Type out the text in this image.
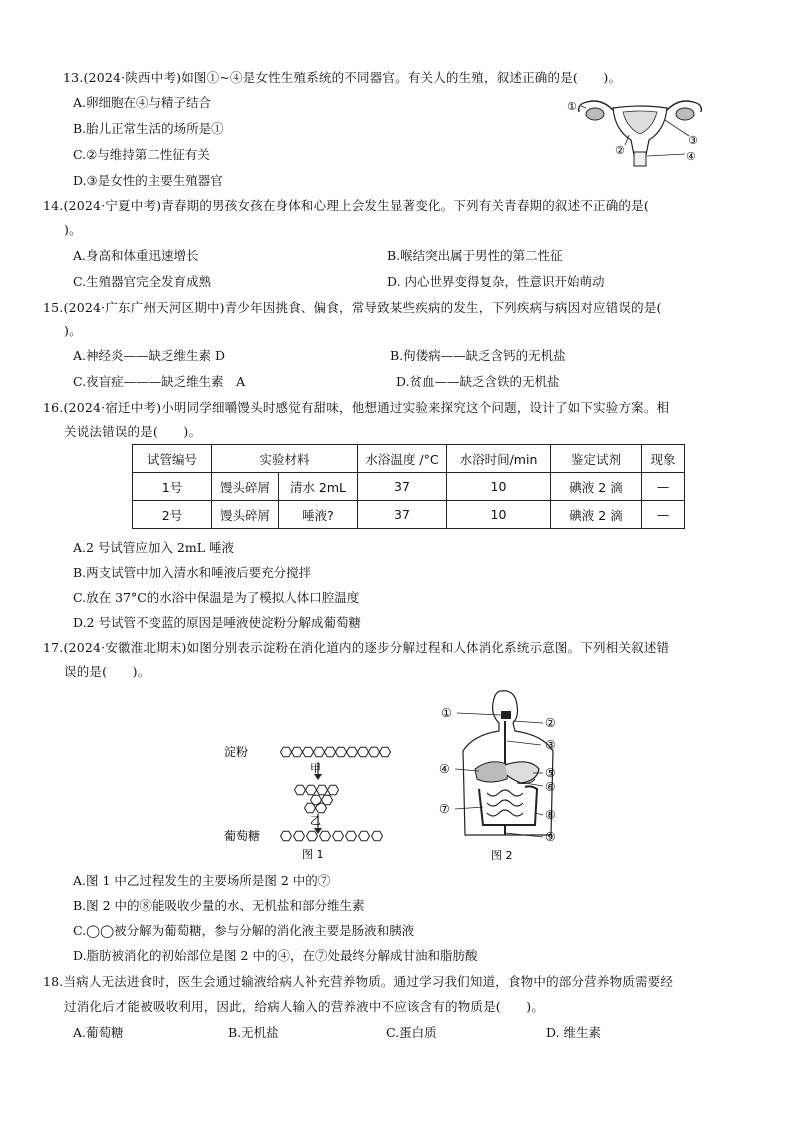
13.(2024·陕西中考)如图①~④是女性生殖系统的不同器官。有关人的生殖，叙述正确的是(　　)。
A.卵细胞在④与精子结合
B.胎儿正常生活的场所是①
C.②与维持第二性征有关
D.③是女性的主要生殖器官
①
②
③
④
14.(2024·宁夏中考)青春期的男孩女孩在身体和心理上会发生显著变化。下列有关青春期的叙述不正确的是(
)。
A.身高和体重迅速增长	B.喉结突出属于男性的第二性征
C.生殖器官完全发育成熟	D. 内心世界变得复杂，性意识开始萌动
15.(2024·广东广州天河区期中)青少年因挑食、偏食，常导致某些疾病的发生，下列疾病与病因对应错误的是(
)。
A.神经炎——缺乏维生素 D	B.佝偻病——缺乏含钙的无机盐
C.夜盲症———缺乏维生素　A	D.贫血——缺乏含铁的无机盐
16.(2024·宿迁中考)小明同学细嚼馒头时感觉有甜味，他想通过实验来探究这个问题，设计了如下实验方案。相
关说法错误的是(　　)。
试管编号	实验材料		水浴温度 /°C	水浴时间/min	鉴定试剂	现象
1号	馒头碎屑	清水 2mL	37	10	碘液 2 滴	—
2号	馒头碎屑	唾液?	37	10	碘液 2 滴	—
A.2 号试管应加入 2mL 唾液
B.两支试管中加入清水和唾液后要充分搅拌
C.放在 37°C的水浴中保温是为了模拟人体口腔温度
D.2 号试管不变蓝的原因是唾液使淀粉分解成葡萄糖
17.(2024·安徽淮北期末)如图分别表示淀粉在消化道内的逐步分解过程和人体消化系统示意图。下列相关叙述错
误的是(　　)。
淀粉
甲
乙
葡萄糖
图 1
①
②
③
④	⑤
⑥
⑦	⑧
⑨
图 2
A.图 1 中乙过程发生的主要场所是图 2 中的⑦
B.图 2 中的⑧能吸收少量的水、无机盐和部分维生素
C.◯◯被分解为葡萄糖，参与分解的消化液主要是肠液和胰液
D.脂肪被消化的初始部位是图 2 中的④，在⑦处最终分解成甘油和脂肪酸
18.当病人无法进食时，医生会通过输液给病人补充营养物质。通过学习我们知道，食物中的部分营养物质需要经
过消化后才能被吸收利用，因此，给病人输入的营养液中不应该含有的物质是(　　)。
A.葡萄糖	B.无机盐	C.蛋白质	D. 维生素
